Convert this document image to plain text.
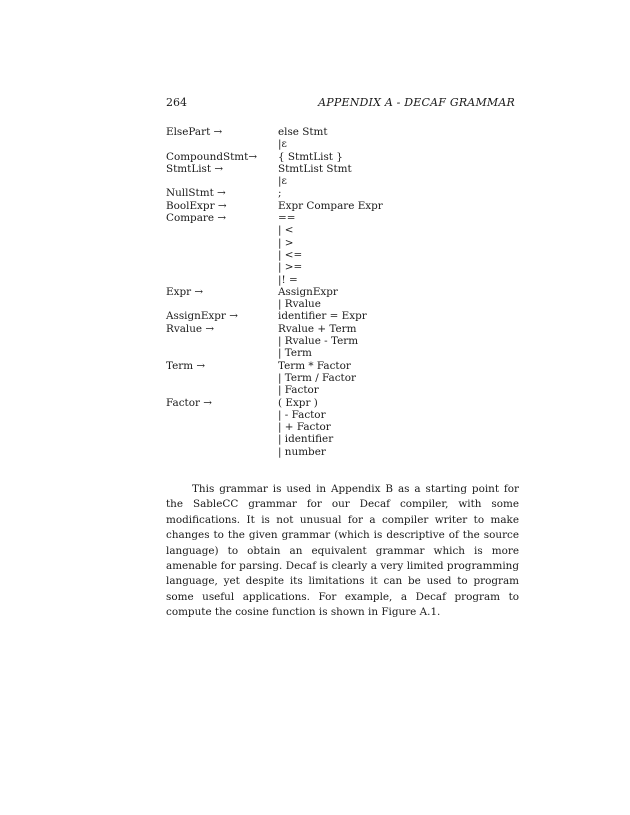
264	APPENDIX A - DECAF GRAMMAR
ElsePart →	else Stmt
|ε
CompoundStmt→ { StmtList }
StmtList →	StmtList Stmt
|ε
NullStmt →	;
BoolExpr →	Expr Compare Expr
Compare →	==
| <
| >
| <=
| >=
|! =
Expr →	AssignExpr
| Rvalue
AssignExpr →	identifier = Expr
Rvalue →	Rvalue + Term
| Rvalue - Term
| Term
Term →	Term * Factor
| Term / Factor
| Factor
Factor →	( Expr )
| - Factor
| + Factor
| identifier
| number

This grammar is used in Appendix B as a starting point for the SableCC grammar for our Decaf compiler, with some modifications. It is not unusual for a compiler writer to make changes to the given grammar (which is descriptive of the source language) to obtain an equivalent grammar which is more amenable for parsing. Decaf is clearly a very limited programming language, yet despite its limitations it can be used to program some useful applications. For example, a Decaf program to compute the cosine function is shown in Figure A.1.
